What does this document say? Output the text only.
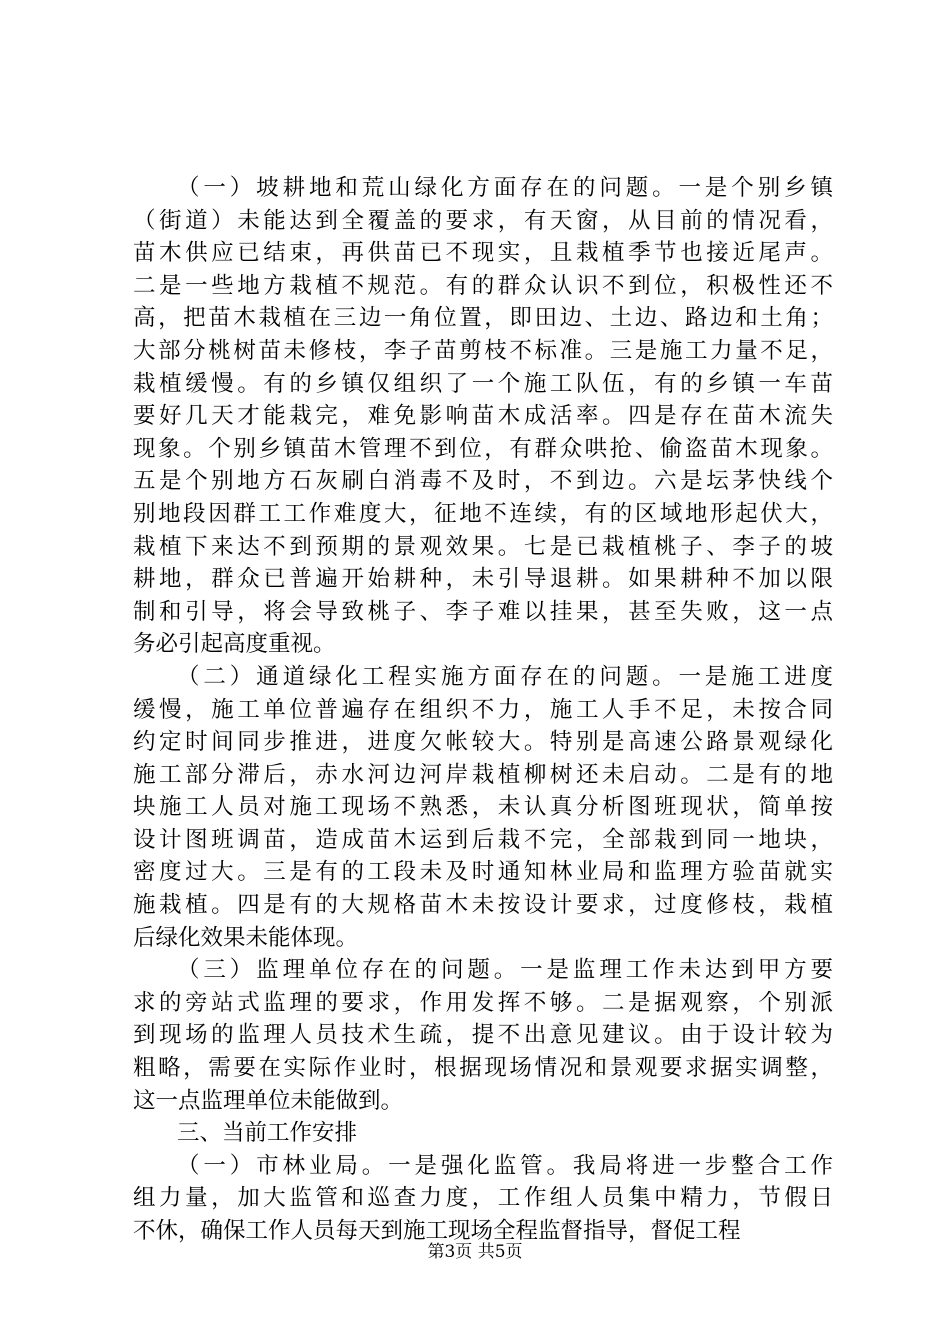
（一）坡耕地和荒山绿化方面存在的问题。一是个别乡镇
（街道）未能达到全覆盖的要求，有天窗，从目前的情况看，
苗木供应已结束，再供苗已不现实，且栽植季节也接近尾声。
二是一些地方栽植不规范。有的群众认识不到位，积极性还不
高，把苗木栽植在三边一角位置，即田边、土边、路边和土角；
大部分桃树苗未修枝，李子苗剪枝不标准。三是施工力量不足，
栽植缓慢。有的乡镇仅组织了一个施工队伍，有的乡镇一车苗
要好几天才能栽完，难免影响苗木成活率。四是存在苗木流失
现象。个别乡镇苗木管理不到位，有群众哄抢、偷盗苗木现象。
五是个别地方石灰刷白消毒不及时，不到边。六是坛茅快线个
别地段因群工工作难度大，征地不连续，有的区域地形起伏大，
栽植下来达不到预期的景观效果。七是已栽植桃子、李子的坡
耕地，群众已普遍开始耕种，未引导退耕。如果耕种不加以限
制和引导，将会导致桃子、李子难以挂果，甚至失败，这一点
务必引起高度重视。
（二）通道绿化工程实施方面存在的问题。一是施工进度
缓慢，施工单位普遍存在组织不力，施工人手不足，未按合同
约定时间同步推进，进度欠帐较大。特别是高速公路景观绿化
施工部分滞后，赤水河边河岸栽植柳树还未启动。二是有的地
块施工人员对施工现场不熟悉，未认真分析图班现状，简单按
设计图班调苗，造成苗木运到后栽不完，全部栽到同一地块，
密度过大。三是有的工段未及时通知林业局和监理方验苗就实
施栽植。四是有的大规格苗木未按设计要求，过度修枝，栽植
后绿化效果未能体现。
（三）监理单位存在的问题。一是监理工作未达到甲方要
求的旁站式监理的要求，作用发挥不够。二是据观察，个别派
到现场的监理人员技术生疏，提不出意见建议。由于设计较为
粗略，需要在实际作业时，根据现场情况和景观要求据实调整，
这一点监理单位未能做到。
三、当前工作安排
（一）市林业局。一是强化监管。我局将进一步整合工作
组力量，加大监管和巡查力度，工作组人员集中精力，节假日
不休，确保工作人员每天到施工现场全程监督指导，督促工程
第3页 共5页
